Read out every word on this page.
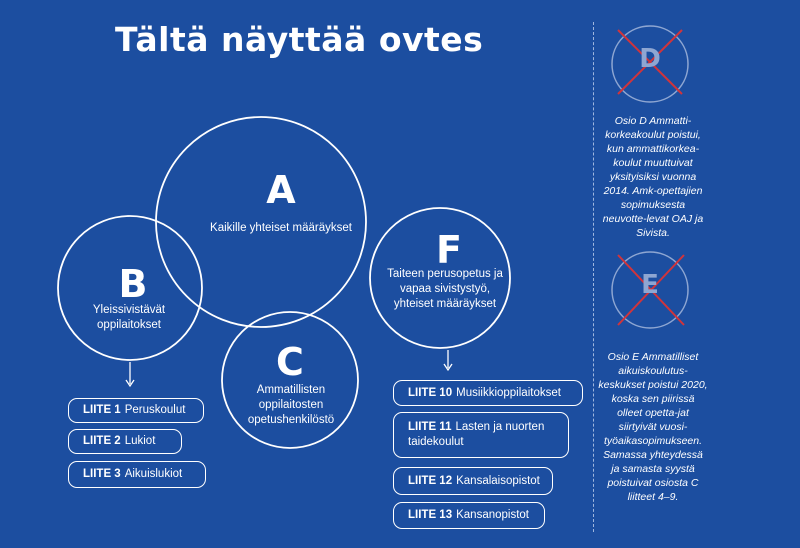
Tältä näyttää ovtes
A
Kaikille yhteiset määräykset
B
Yleissivistävät oppilaitokset
C
Ammatillisten oppilaitosten opetushenkilöstö
F
Taiteen perusopetus ja vapaa sivistystyö, yhteiset määräykset
LIITE 1 Peruskoulut
LIITE 2 Lukiot
LIITE 3 Aikuislukiot
LIITE 10 Musiikkioppilaitokset
LIITE 11 Lasten ja nuorten taidekoulut
LIITE 12 Kansalaisopistot
LIITE 13 Kansanopistot
D
Osio D Ammatti-korkeakoulut poistui, kun ammattikorkea-koulut muuttuivat yksityisiksi vuonna 2014. Amk-opettajien sopimuksesta neuvotte-levat OAJ ja Sivista.
E
Osio E Ammatilliset aikuiskoulutus-keskukset poistui 2020, koska sen piirissä olleet opetta-jat siirtyivät vuosi-työaikasopimukseen. Samassa yhteydessä ja samasta syystä poistuivat osiosta C liitteet 4–9.
